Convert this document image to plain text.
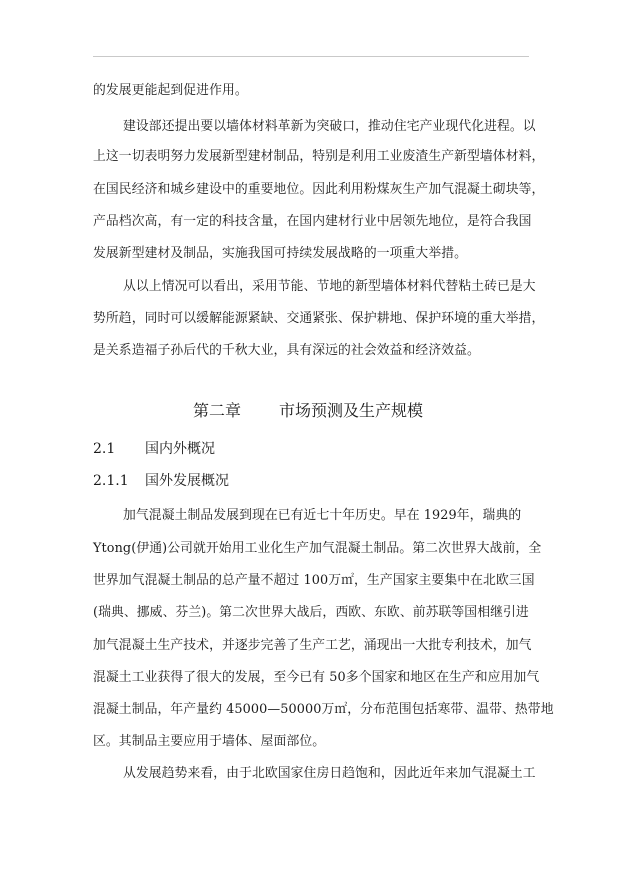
的发展更能起到促进作用。
建设部还提出要以墙体材料革新为突破口，推动住宅产业现代化进程。以
上这一切表明努力发展新型建材制品，特别是利用工业废渣生产新型墙体材料，
在国民经济和城乡建设中的重要地位。因此利用粉煤灰生产加气混凝土砌块等，
产品档次高，有一定的科技含量，在国内建材行业中居领先地位，是符合我国
发展新型建材及制品，实施我国可持续发展战略的一项重大举措。
从以上情况可以看出，采用节能、节地的新型墙体材料代替粘土砖已是大
势所趋，同时可以缓解能源紧缺、交通紧张、保护耕地、保护环境的重大举措，
是关系造福子孙后代的千秋大业，具有深远的社会效益和经济效益。
第二章 市场预测及生产规模
2.1 国内外概况
2.1.1 国外发展概况
加气混凝土制品发展到现在已有近七十年历史。早在 1929年，瑞典的
Ytong(伊通)公司就开始用工业化生产加气混凝土制品。第二次世界大战前，全
世界加气混凝土制品的总产量不超过 100万㎡，生产国家主要集中在北欧三国
(瑞典、挪威、芬兰)。第二次世界大战后，西欧、东欧、前苏联等国相继引进
加气混凝土生产技术，并逐步完善了生产工艺，涌现出一大批专利技术，加气
混凝土工业获得了很大的发展，至今已有 50多个国家和地区在生产和应用加气
混凝土制品，年产量约 45000—50000万㎡，分布范围包括寒带、温带、热带地
区。其制品主要应用于墙体、屋面部位。
从发展趋势来看，由于北欧国家住房日趋饱和，因此近年来加气混凝土工
